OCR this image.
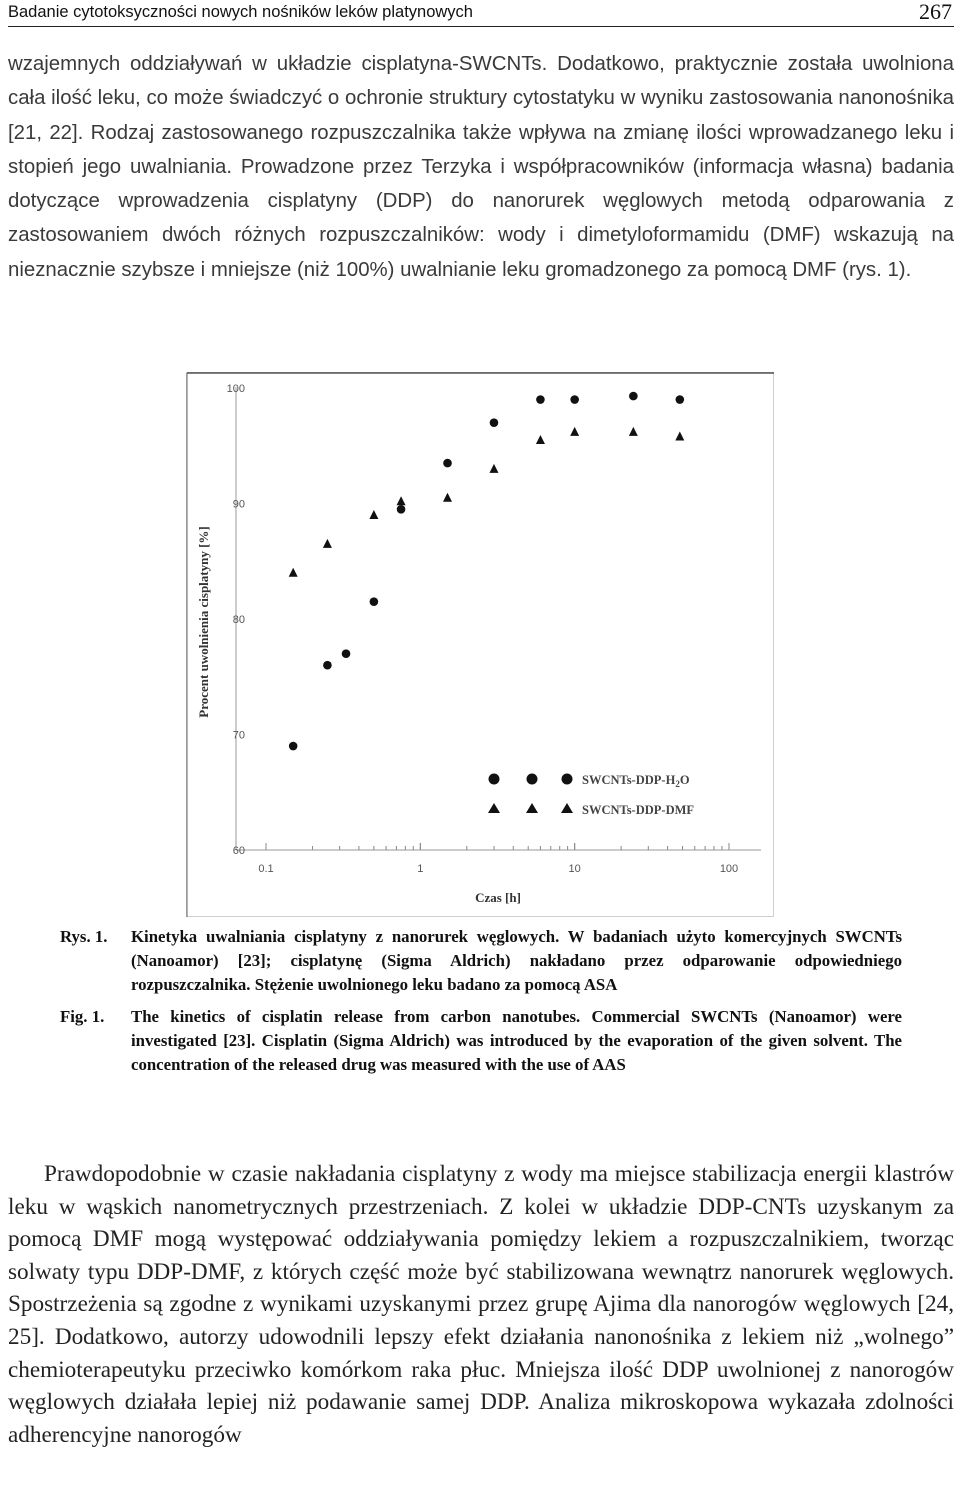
Badanie cytotoksyczności nowych nośników leków platynowych	267

wzajemnych oddziaływań w układzie cisplatyna-SWCNTs. Dodatkowo, praktycznie została uwolniona cała ilość leku, co może świadczyć o ochronie struktury cytostatyku w wyniku zastosowania nanonośnika [21, 22]. Rodzaj zastosowanego rozpuszczalnika także wpływa na zmianę ilości wprowadzanego leku i stopień jego uwalniania. Prowadzone przez Terzyka i współpracowników (informacja własna) badania dotyczące wprowadzenia cisplatyny (DDP) do nanorurek węglowych metodą odparowania z zastosowaniem dwóch różnych rozpuszczalników: wody i dimetyloformamidu (DMF) wskazują na nieznacznie szybsze i mniejsze (niż 100%) uwalnianie leku gromadzonego za pomocą DMF (rys. 1).

60
70
80
90
100
0.1	1	10	100
Procent uwolnienia cisplatyny [%]
Czas [h]
SWCNTs-$DDP-H_2O$
SWCNTs-DDP-DMF
Rys. 1. Kinetyka uwalniania cisplatyny z nanorurek węglowych. W badaniach użyto komercyjnych SWCNTs (Nanoamor) [23]; cisplatynę (Sigma Aldrich) nakładano przez odparowanie odpowiedniego rozpuszczalnika. Stężenie uwolnionego leku badano za pomocą ASA
Fig. 1. The kinetics of cisplatin release from carbon nanotubes. Commercial SWCNTs (Nanoamor) were investigated [23]. Cisplatin (Sigma Aldrich) was introduced by the evaporation of the given solvent. The concentration of the released drug was measured with the use of AAS

Prawdopodobnie w czasie nakładania cisplatyny z wody ma miejsce stabilizacja energii klastrów leku w wąskich nanometrycznych przestrzeniach. Z kolei w układzie DDP-CNTs uzyskanym za pomocą DMF mogą występować oddziaływania pomiędzy lekiem a rozpuszczalnikiem, tworząc solwaty typu DDP-DMF, z których część może być stabilizowana wewnątrz nanorurek węglowych. Spostrzeżenia są zgodne z wynikami uzyskanymi przez grupę Ajima dla nanorogów węglowych [24, 25]. Dodatkowo, autorzy udowodnili lepszy efekt działania nanonośnika z lekiem niż „wolnego” chemioterapeutyku przeciwko komórkom raka płuc. Mniejsza ilość DDP uwolnionej z nanorogów węglowych działała lepiej niż podawanie samej DDP. Analiza mikroskopowa wykazała zdolności adherencyjne nanorogów
